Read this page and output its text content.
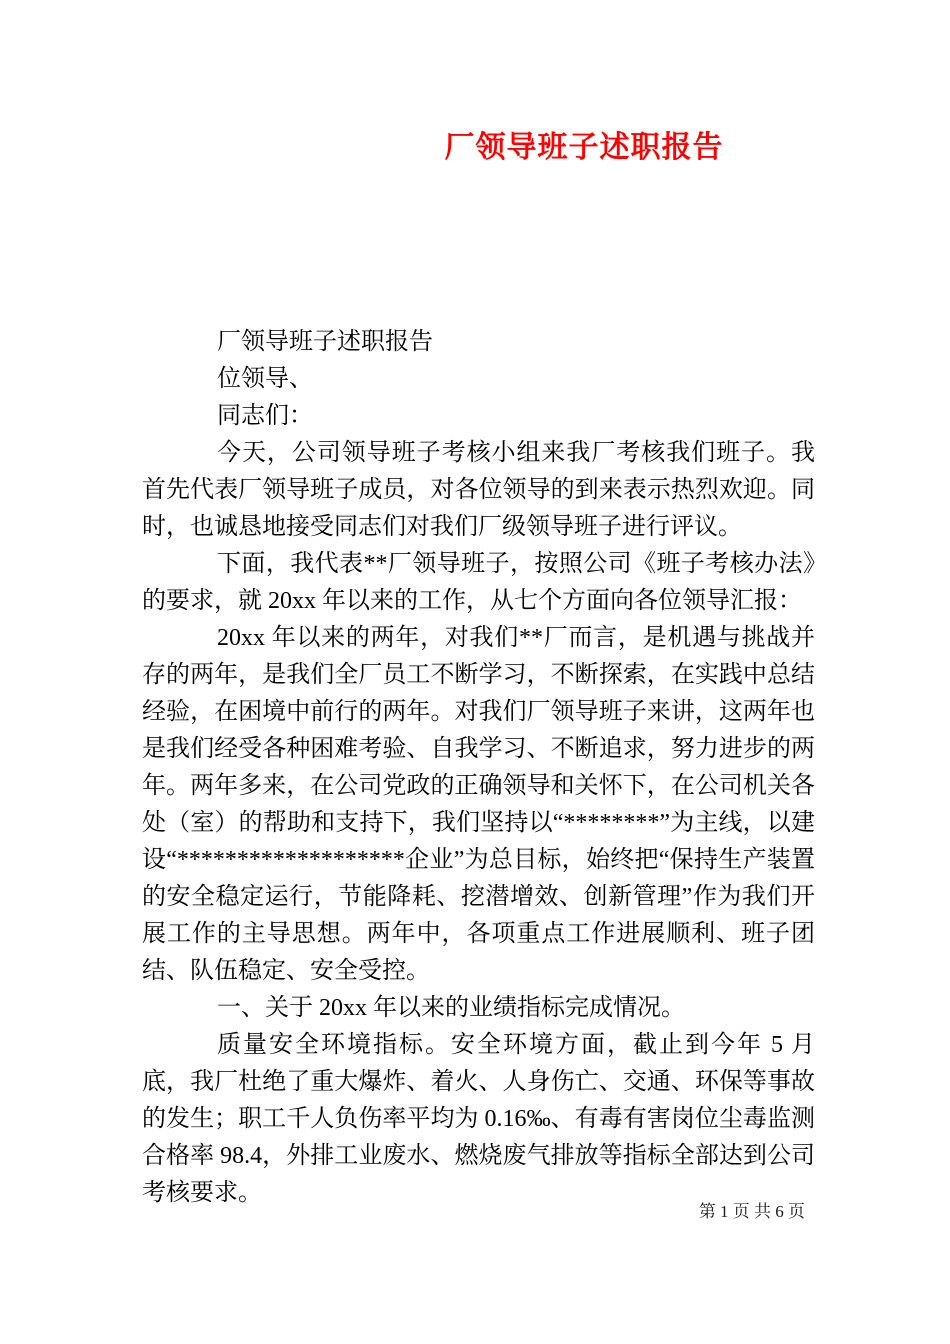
厂领导班子述职报告

厂领导班子述职报告

位领导、

同志们：

今天，公司领导班子考核小组来我厂考核我们班子。我首先代表厂领导班子成员，对各位领导的到来表示热烈欢迎。同时，也诚恳地接受同志们对我们厂级领导班子进行评议。

下面，我代表**厂领导班子，按照公司《班子考核办法》的要求，就 20xx 年以来的工作，从七个方面向各位领导汇报：

20xx 年以来的两年，对我们**厂而言，是机遇与挑战并存的两年，是我们全厂员工不断学习，不断探索，在实践中总结经验，在困境中前行的两年。对我们厂领导班子来讲，这两年也是我们经受各种困难考验、自我学习、不断追求，努力进步的两年。两年多来，在公司党政的正确领导和关怀下，在公司机关各处（室）的帮助和支持下，我们坚持以“********”为主线，以建设“*******************企业”为总目标，始终把“保持生产装置的安全稳定运行，节能降耗、挖潜增效、创新管理”作为我们开展工作的主导思想。两年中，各项重点工作进展顺利、班子团结、队伍稳定、安全受控。

一、关于 20xx 年以来的业绩指标完成情况。

质量安全环境指标。安全环境方面，截止到今年 5 月底，我厂杜绝了重大爆炸、着火、人身伤亡、交通、环保等事故的发生；职工千人负伤率平均为 0.16‰、有毒有害岗位尘毒监测合格率 98.4，外排工业废水、燃烧废气排放等指标全部达到公司考核要求。

第 1 页 共 6 页
